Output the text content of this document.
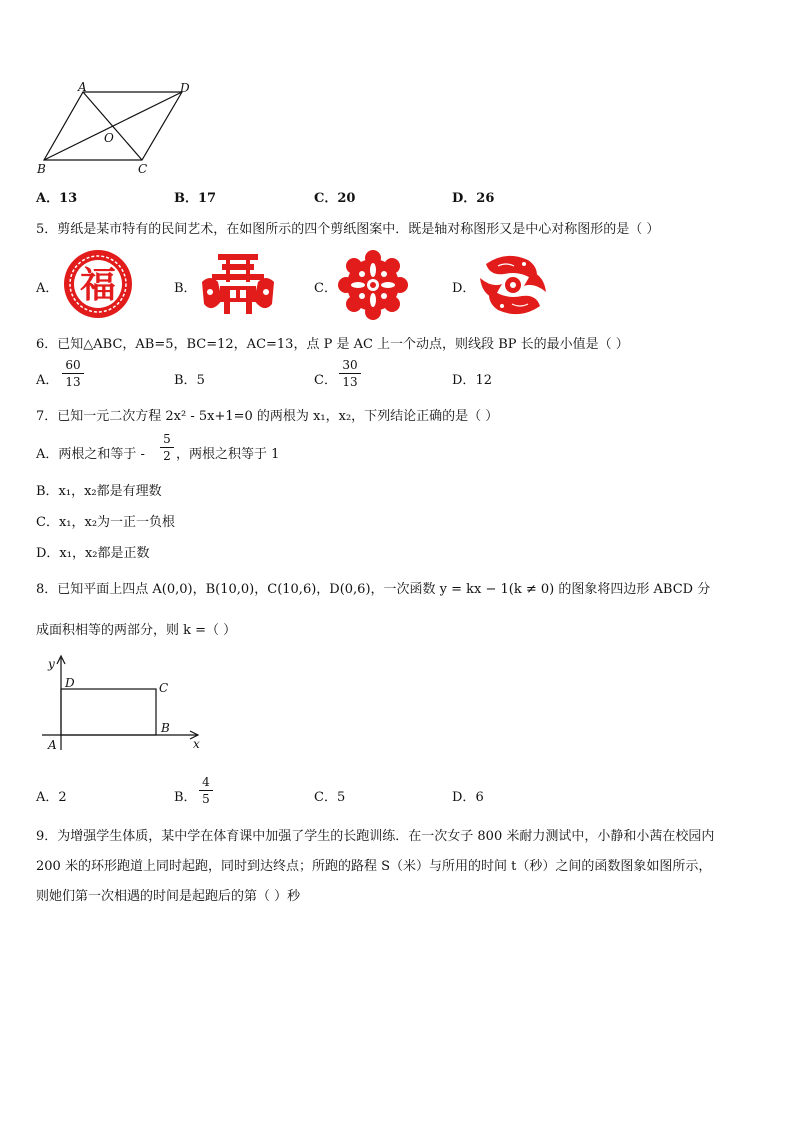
A	D
B	C
O
A．13	B．17	C．20	D．26
5．剪纸是某市特有的民间艺术，在如图所示的四个剪纸图案中．既是轴对称图形又是中心对称图形的是（ ）
A． 福	B．	C．	D．
6．已知△ABC，AB=5，BC=12，AC=13，点 P 是 AC 上一个动点，则线段 BP 长的最小值是（ ）
A．
60
13	B．5	C．
30
13	D．12
7．已知一元二次方程 2x² - 5x+1=0 的两根为 x₁，x₂，下列结论正确的是（ ）
A．两根之和等于 -
5
2 ，两根之积等于 1
B．x₁，x₂都是有理数
C．x₁，x₂为一正一负根
D．x₁，x₂都是正数
8．已知平面上四点 A(0,0)，B(10,0)，C(10,6)，D(0,6)，一次函数 y = kx − 1(k ≠ 0) 的图象将四边形 ABCD 分
成面积相等的两部分，则 k =（ ）
y
x
A
B
C
D
A．2	B．
4
5	C．5	D．6
9．为增强学生体质，某中学在体育课中加强了学生的长跑训练．在一次女子 800 米耐力测试中，小静和小茜在校园内
200 米的环形跑道上同时起跑，同时到达终点；所跑的路程 S（米）与所用的时间 t（秒）之间的函数图象如图所示，
则她们第一次相遇的时间是起跑后的第（ ）秒
